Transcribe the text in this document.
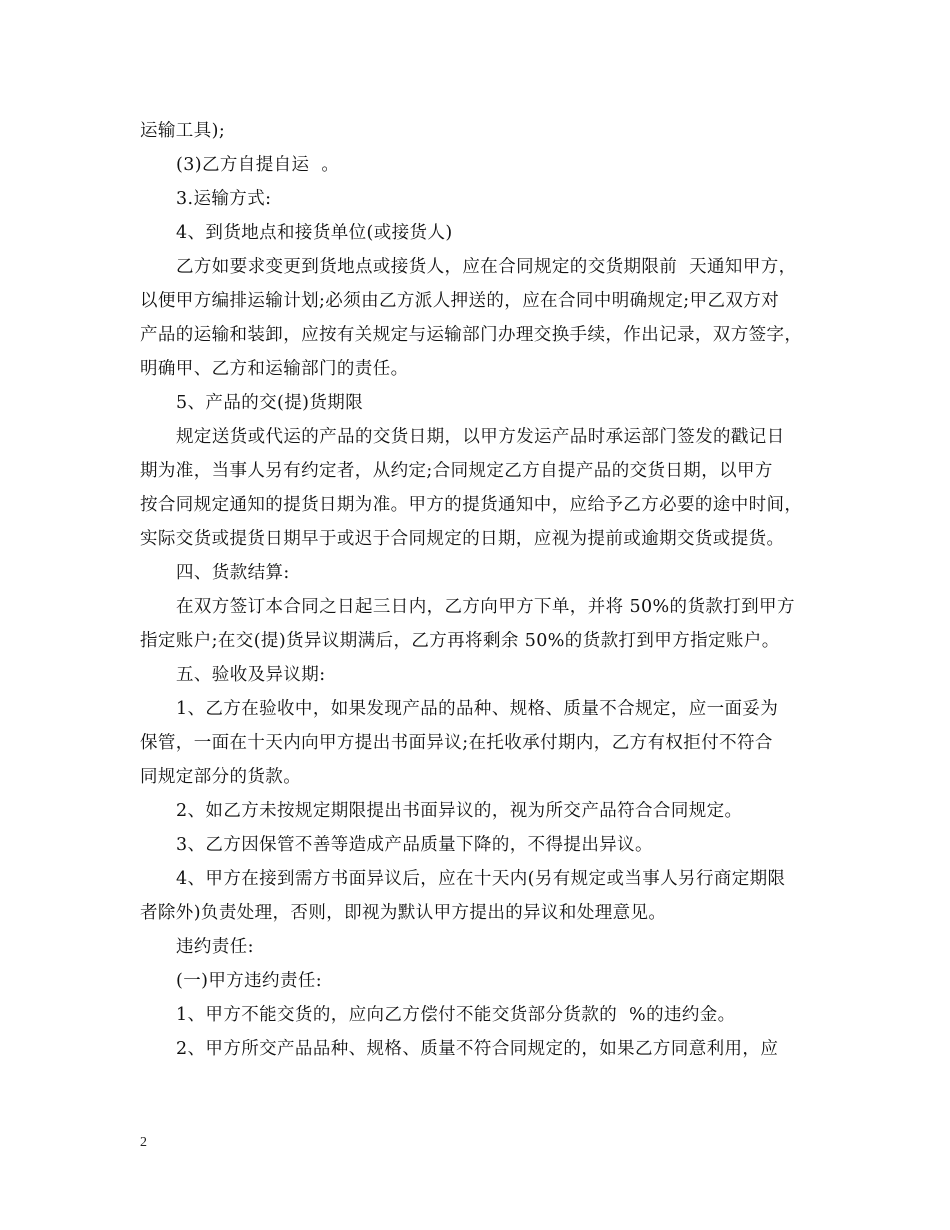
运输工具);
(3)乙方自提自运  。
3.运输方式:
4、到货地点和接货单位(或接货人)
乙方如要求变更到货地点或接货人，应在合同规定的交货期限前  天通知甲方，
以便甲方编排运输计划;必须由乙方派人押送的，应在合同中明确规定;甲乙双方对
产品的运输和装卸，应按有关规定与运输部门办理交换手续，作出记录，双方签字，
明确甲、乙方和运输部门的责任。
5、产品的交(提)货期限
规定送货或代运的产品的交货日期，以甲方发运产品时承运部门签发的戳记日
期为准，当事人另有约定者，从约定;合同规定乙方自提产品的交货日期，以甲方
按合同规定通知的提货日期为准。甲方的提货通知中，应给予乙方必要的途中时间，
实际交货或提货日期早于或迟于合同规定的日期，应视为提前或逾期交货或提货。
四、货款结算:
在双方签订本合同之日起三日内，乙方向甲方下单，并将 50%的货款打到甲方
指定账户;在交(提)货异议期满后，乙方再将剩余 50%的货款打到甲方指定账户。
五、验收及异议期:
1、乙方在验收中，如果发现产品的品种、规格、质量不合规定，应一面妥为
保管，一面在十天内向甲方提出书面异议;在托收承付期内，乙方有权拒付不符合
同规定部分的货款。
2、如乙方未按规定期限提出书面异议的，视为所交产品符合合同规定。
3、乙方因保管不善等造成产品质量下降的，不得提出异议。
4、甲方在接到需方书面异议后，应在十天内(另有规定或当事人另行商定期限
者除外)负责处理，否则，即视为默认甲方提出的异议和处理意见。
违约责任:
(一)甲方违约责任:
1、甲方不能交货的，应向乙方偿付不能交货部分货款的  %的违约金。
2、甲方所交产品品种、规格、质量不符合同规定的，如果乙方同意利用，应
2
